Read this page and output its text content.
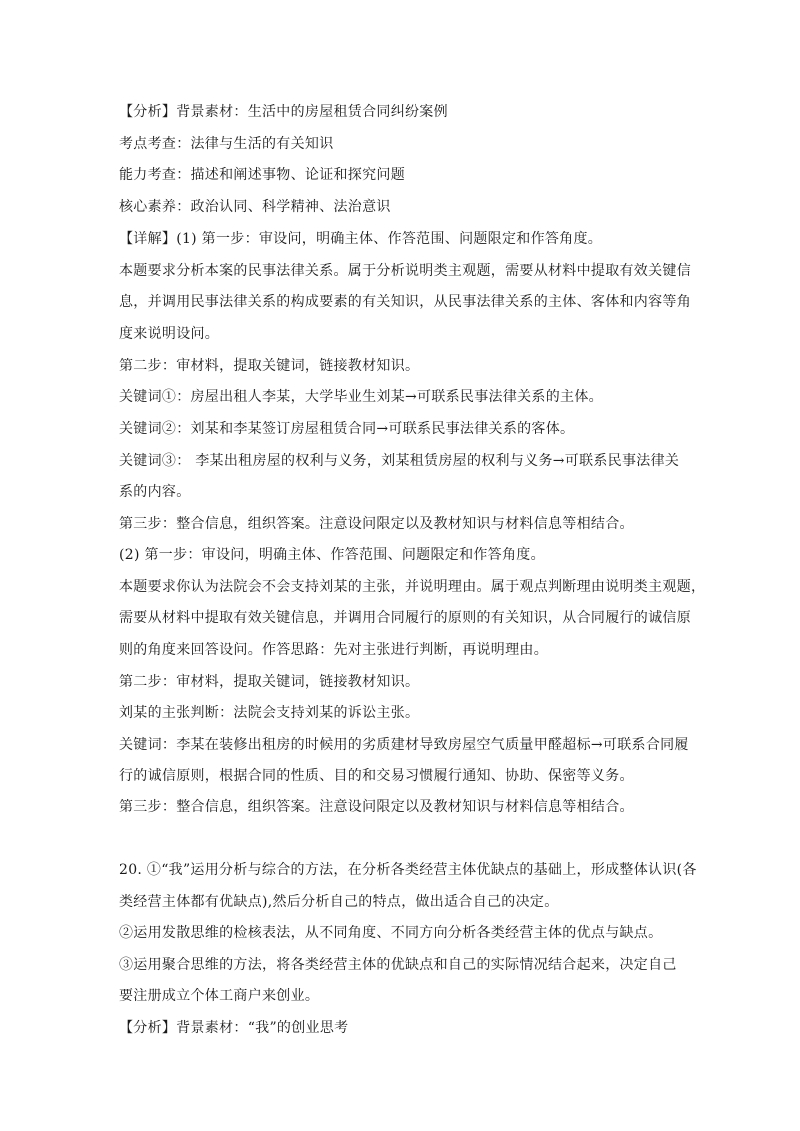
【分析】背景素材：生活中的房屋租赁合同纠纷案例
考点考查：法律与生活的有关知识
能力考查：描述和阐述事物、论证和探究问题
核心素养：政治认同、科学精神、法治意识
【详解】(1) 第一步：审设问，明确主体、作答范围、问题限定和作答角度。
本题要求分析本案的民事法律关系。属于分析说明类主观题，需要从材料中提取有效关键信
息，并调用民事法律关系的构成要素的有关知识，从民事法律关系的主体、客体和内容等角
度来说明设问。
第二步：审材料，提取关键词，链接教材知识。
关键词①：房屋出租人李某，大学毕业生刘某→可联系民事法律关系的主体。
关键词②：刘某和李某签订房屋租赁合同→可联系民事法律关系的客体。
关键词③： 李某出租房屋的权利与义务，刘某租赁房屋的权利与义务→可联系民事法律关
系的内容。
第三步：整合信息，组织答案。注意设问限定以及教材知识与材料信息等相结合。
(2) 第一步：审设问，明确主体、作答范围、问题限定和作答角度。
本题要求你认为法院会不会支持刘某的主张，并说明理由。属于观点判断理由说明类主观题，
需要从材料中提取有效关键信息，并调用合同履行的原则的有关知识，从合同履行的诚信原
则的角度来回答设问。作答思路：先对主张进行判断，再说明理由。
第二步：审材料，提取关键词，链接教材知识。
刘某的主张判断：法院会支持刘某的诉讼主张。
关键词：李某在装修出租房的时候用的劣质建材导致房屋空气质量甲醛超标→可联系合同履
行的诚信原则，根据合同的性质、目的和交易习惯履行通知、协助、保密等义务。
第三步：整合信息，组织答案。注意设问限定以及教材知识与材料信息等相结合。
20. ①“我”运用分析与综合的方法，在分析各类经营主体优缺点的基础上，形成整体认识(各
类经营主体都有优缺点),然后分析自己的特点，做出适合自己的决定。
②运用发散思维的检核表法，从不同角度、不同方向分析各类经营主体的优点与缺点。
③运用聚合思维的方法，将各类经营主体的优缺点和自己的实际情况结合起来，决定自己
要注册成立个体工商户来创业。
【分析】背景素材：“我”的创业思考
